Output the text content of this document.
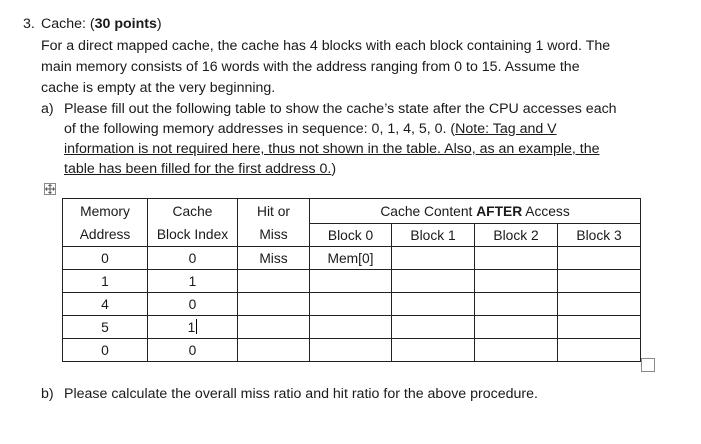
3. Cache: (30 points)
For a direct mapped cache, the cache has 4 blocks with each block containing 1 word. The
main memory consists of 16 words with the address ranging from 0 to 15. Assume the
cache is empty at the very beginning.
a) Please fill out the following table to show the cache’s state after the CPU accesses each
of the following memory addresses in sequence: 0, 1, 4, 5, 0. (Note: Tag and V
information is not required here, thus not shown in the table. Also, as an example, the
table has been filled for the first address 0.)
Memory	Cache	Hit or	Cache Content AFTER Access			
Address	Block Index	Miss	Block 0	Block 1	Block 2	Block 3
0	0	Miss	Mem[0]			
1	1					
4	0					
5	1					
0	0					
b) Please calculate the overall miss ratio and hit ratio for the above procedure.
